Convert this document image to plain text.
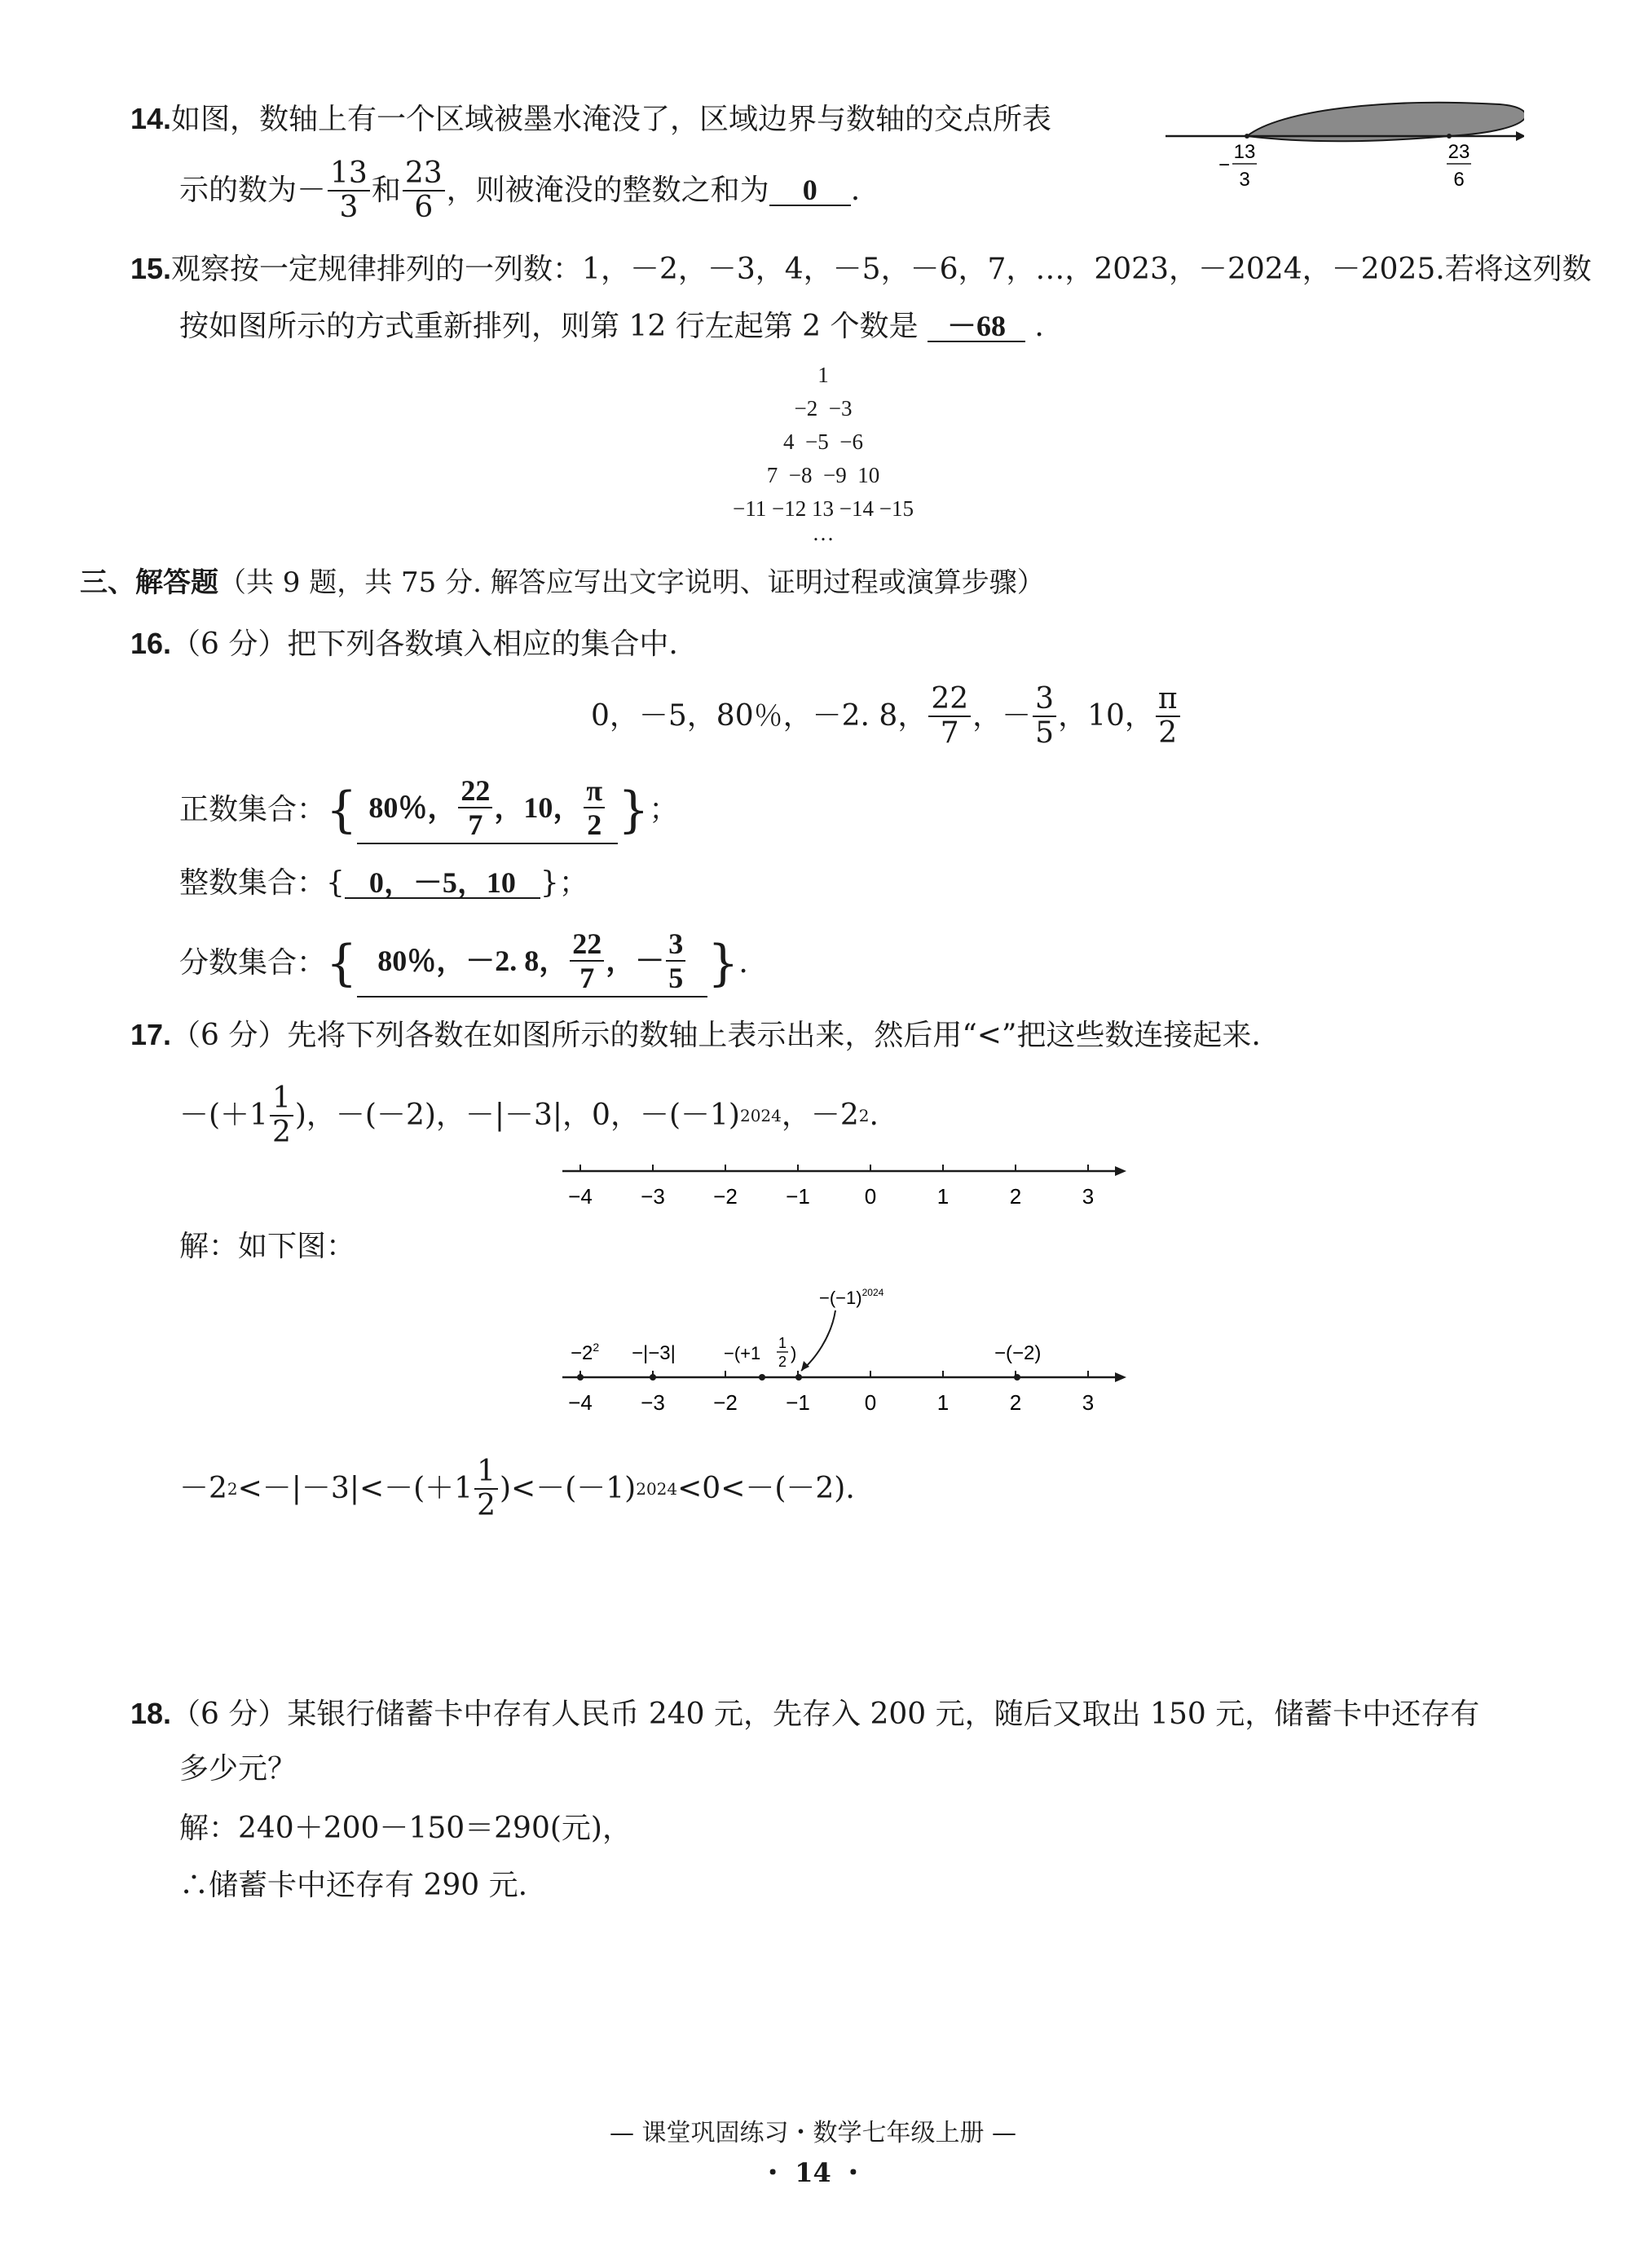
14.如图，数轴上有一个区域被墨水淹没了，区域边界与数轴的交点所表
示的数为 － $\frac{13}{3}$ 和 $\frac{23}{6}$ ，则被淹没的整数之和为	0	.
−
13
3
23
6
15.观察按一定规律排列的一列数：1，－2，－3，4，－5，－6，7，…，2023，－2024，－2025.若将这列数
按如图所示的方式重新排列，则第 12 行左起第 2 个数是 －68 .
1
−2  −3
4  −5  −6
7  −8  −9  10
−11 −12 13 −14 −15
…
三、解答题（共 9 题，共 75 分. 解答应写出文字说明、证明过程或演算步骤）
16.（6 分）把下列各数填入相应的集合中.
0，－5，80％，－2. 8， $\frac{22}{7}$ ，－ $\frac{3}{5}$ ，10， $\frac{\pi}{2}$
正数集合： { 80％， $\frac{22}{7}$ ，10， $\frac{\pi}{2}$ } ；
整数集合： { 0，－5，10 } ；
分数集合： { 80％，－2. 8， $\frac{22}{7}$ ，－ $\frac{3}{5}$ } .
17.（6 分）先将下列各数在如图所示的数轴上表示出来，然后用“<”把这些数连接起来.
$-(+1 \frac{1}{2}$ )，－(－2)，－|－3|，0，－(－1) 2024 ，－2 2 .
−4 −3 −2 −1	0	1	2	3
解：如下图：
−4 −3 −2 −1	0	1	2	3
$-2^2 -|-3|$	−(+1 1
2 )
$-(-1)^{2024}$
−(−2)
－2 $2 <-|-3|<-(+1 \frac{1}{2} )<-(-1)$ 2024 <0<－(－2).
18.（6 分）某银行储蓄卡中存有人民币 240 元，先存入 200 元，随后又取出 150 元，储蓄卡中还存有
多少元？
解：240＋200－150＝290(元)，
∴储蓄卡中还存有 290 元.
— 课堂巩固练习・数学七年级上册 —
・ 14 ・
